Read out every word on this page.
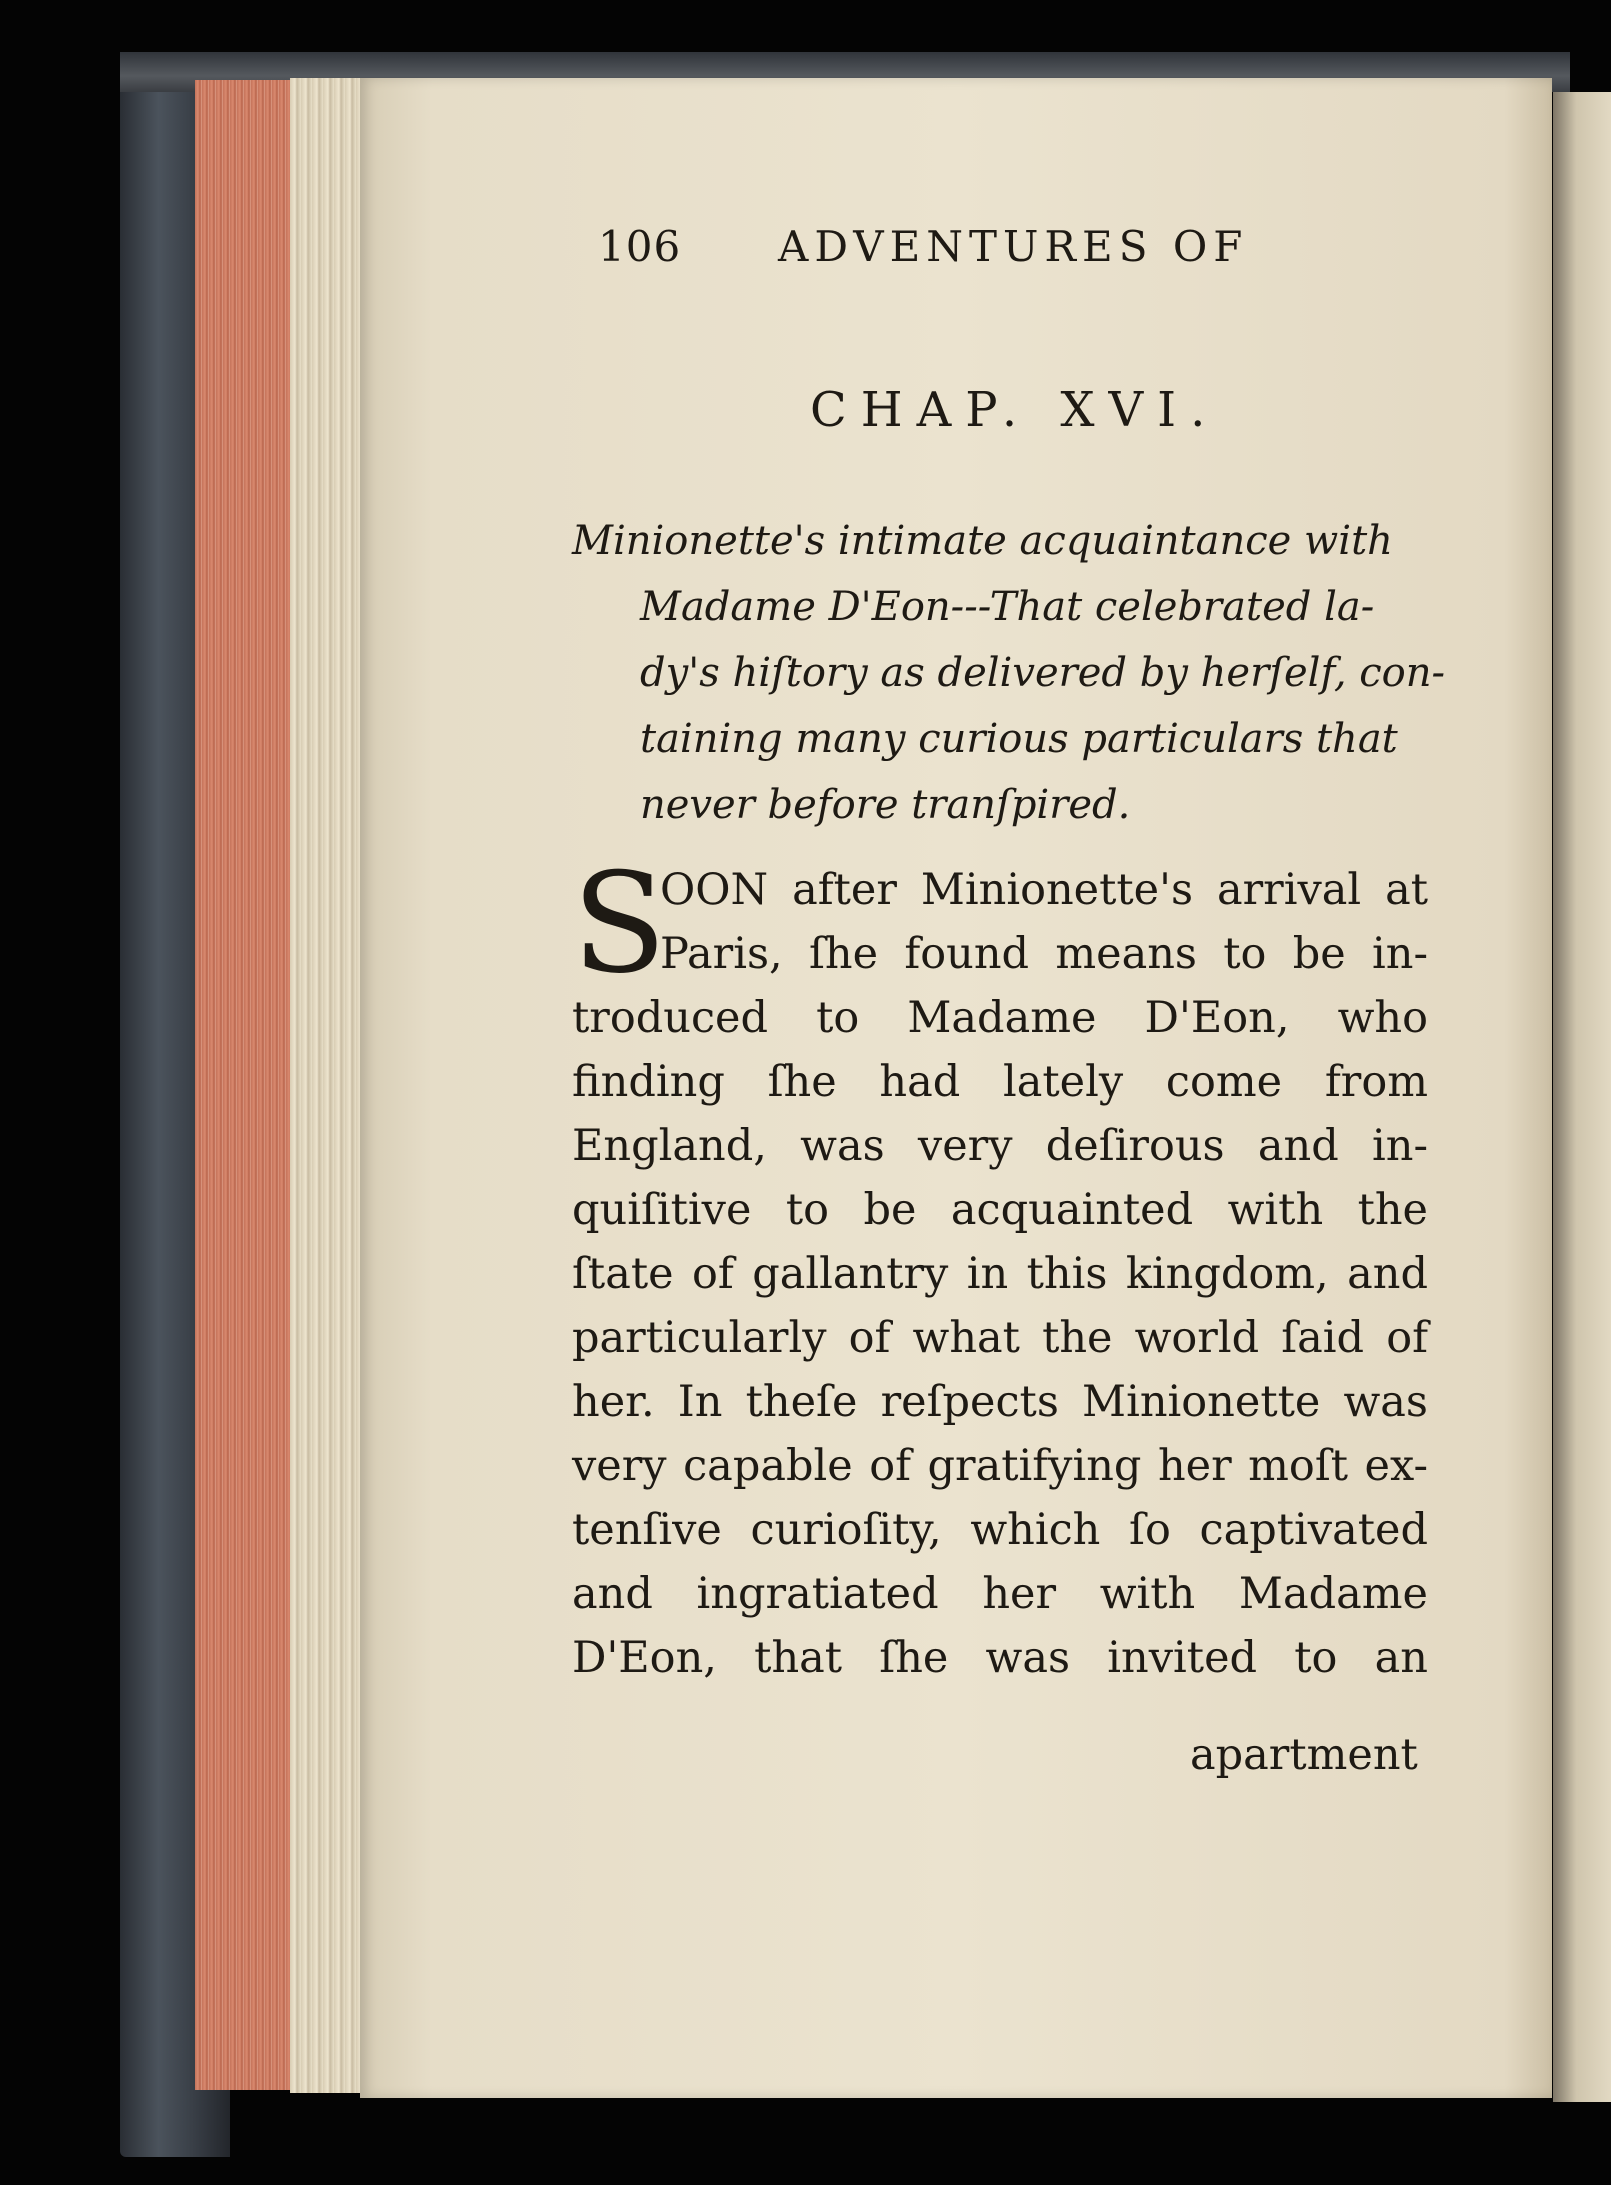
106 ADVENTURES OF
CHAP. XVI.
Minionette's intimate acquaintance with
Madame D'Eon---That celebrated la-
dy's hiſtory as delivered by herſelf, con-
taining many curious particulars that
never before tranſpired.
S
OON after Minionette's arrival at
Paris, ſhe found means to be in-
troduced to Madame D'Eon, who
finding ſhe had lately come from
England, was very deſirous and in-
quiſitive to be acquainted with the
ſtate of gallantry in this kingdom, and
particularly of what the world ſaid of
her. In theſe reſpects Minionette was
very capable of gratifying her moſt ex-
tenſive curioſity, which ſo captivated
and ingratiated her with Madame
D'Eon, that ſhe was invited to an
apartment
